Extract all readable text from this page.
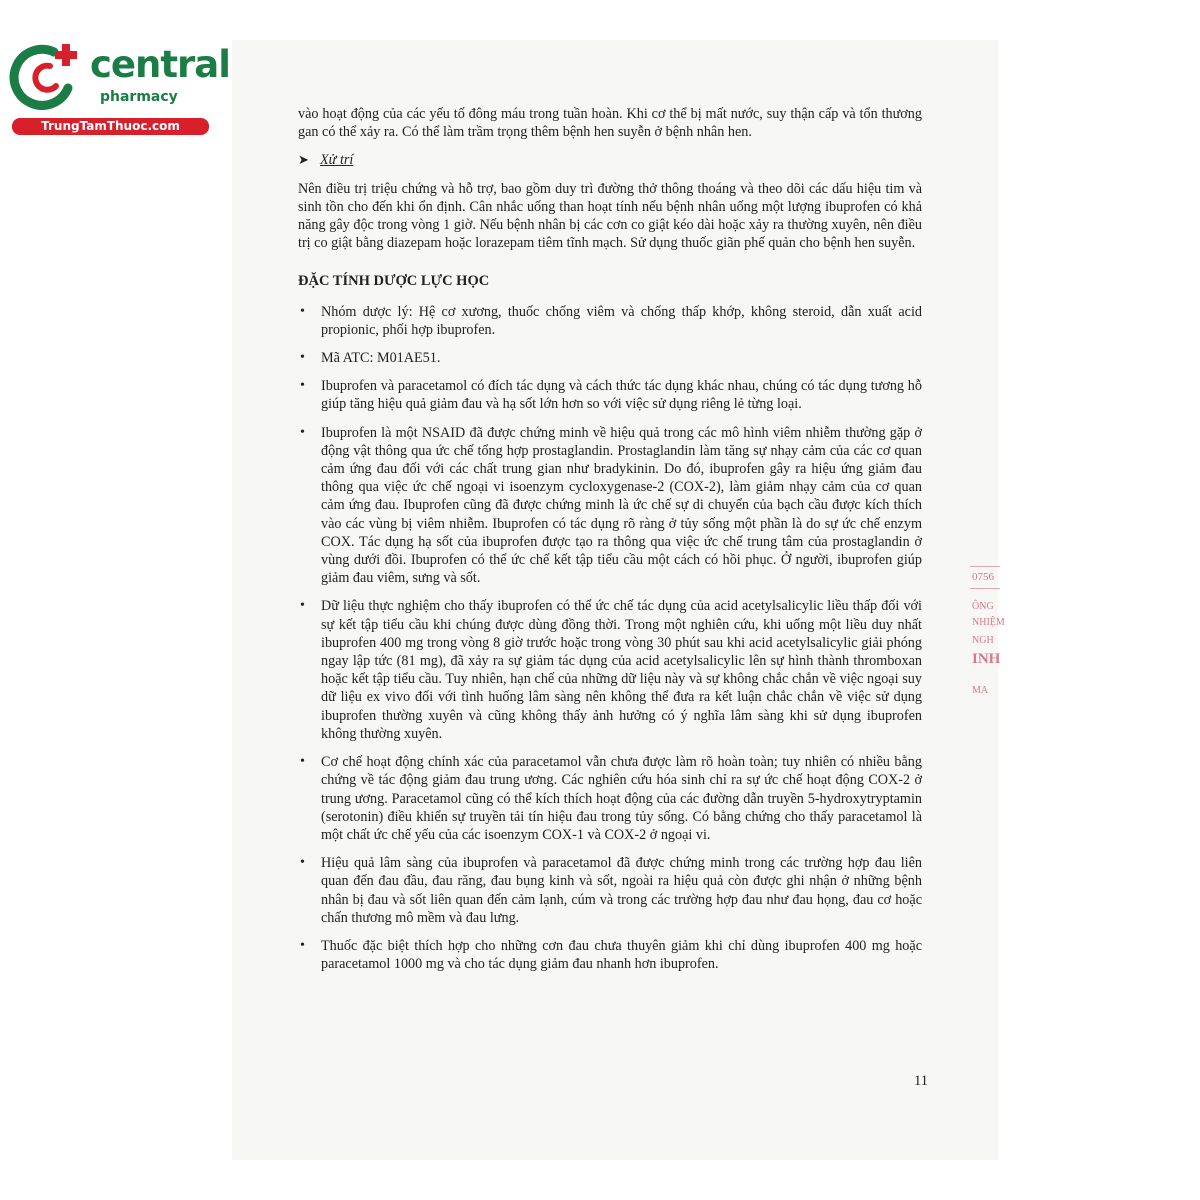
central
pharmacy
TrungTamThuoc.com

vào hoạt động của các yếu tố đông máu trong tuần hoàn. Khi cơ thể bị mất nước, suy thận cấp và tổn thương gan có thể xảy ra. Có thể làm trầm trọng thêm bệnh hen suyễn ở bệnh nhân hen.

➤ Xử trí

Nên điều trị triệu chứng và hỗ trợ, bao gồm duy trì đường thở thông thoáng và theo dõi các dấu hiệu tim và sinh tồn cho đến khi ổn định. Cân nhắc uống than hoạt tính nếu bệnh nhân uống một lượng ibuprofen có khả năng gây độc trong vòng 1 giờ. Nếu bệnh nhân bị các cơn co giật kéo dài hoặc xảy ra thường xuyên, nên điều trị co giật bằng diazepam hoặc lorazepam tiêm tĩnh mạch. Sử dụng thuốc giãn phế quản cho bệnh hen suyễn.

ĐẶC TÍNH DƯỢC LỰC HỌC

• Nhóm dược lý: Hệ cơ xương, thuốc chống viêm và chống thấp khớp, không steroid, dẫn xuất acid propionic, phối hợp ibuprofen.
• Mã ATC: M01AE51.
• Ibuprofen và paracetamol có đích tác dụng và cách thức tác dụng khác nhau, chúng có tác dụng tương hỗ giúp tăng hiệu quả giảm đau và hạ sốt lớn hơn so với việc sử dụng riêng lẻ từng loại.
• Ibuprofen là một NSAID đã được chứng minh về hiệu quả trong các mô hình viêm nhiễm thường gặp ở động vật thông qua ức chế tổng hợp prostaglandin. Prostaglandin làm tăng sự nhạy cảm của các cơ quan cảm ứng đau đối với các chất trung gian như bradykinin. Do đó, ibuprofen gây ra hiệu ứng giảm đau thông qua việc ức chế ngoại vi isoenzym cycloxygenase-2 (COX-2), làm giảm nhạy cảm của cơ quan cảm ứng đau. Ibuprofen cũng đã được chứng minh là ức chế sự di chuyển của bạch cầu được kích thích vào các vùng bị viêm nhiễm. Ibuprofen có tác dụng rõ ràng ở tủy sống một phần là do sự ức chế enzym COX. Tác dụng hạ sốt của ibuprofen được tạo ra thông qua việc ức chế trung tâm của prostaglandin ở vùng dưới đồi. Ibuprofen có thể ức chế kết tập tiểu cầu một cách có hồi phục. Ở người, ibuprofen giúp giảm đau viêm, sưng và sốt.
• Dữ liệu thực nghiệm cho thấy ibuprofen có thể ức chế tác dụng của acid acetylsalicylic liều thấp đối với sự kết tập tiểu cầu khi chúng được dùng đồng thời. Trong một nghiên cứu, khi uống một liều duy nhất ibuprofen 400 mg trong vòng 8 giờ trước hoặc trong vòng 30 phút sau khi acid acetylsalicylic giải phóng ngay lập tức (81 mg), đã xảy ra sự giảm tác dụng của acid acetylsalicylic lên sự hình thành thromboxan hoặc kết tập tiểu cầu. Tuy nhiên, hạn chế của những dữ liệu này và sự không chắc chắn về việc ngoại suy dữ liệu ex vivo đối với tình huống lâm sàng nên không thể đưa ra kết luận chắc chắn về việc sử dụng ibuprofen thường xuyên và cũng không thấy ảnh hưởng có ý nghĩa lâm sàng khi sử dụng ibuprofen không thường xuyên.
• Cơ chế hoạt động chính xác của paracetamol vẫn chưa được làm rõ hoàn toàn; tuy nhiên có nhiều bằng chứng về tác động giảm đau trung ương. Các nghiên cứu hóa sinh chỉ ra sự ức chế hoạt động COX-2 ở trung ương. Paracetamol cũng có thể kích thích hoạt động của các đường dẫn truyền 5-hydroxytryptamin (serotonin) điều khiển sự truyền tải tín hiệu đau trong tủy sống. Có bằng chứng cho thấy paracetamol là một chất ức chế yếu của các isoenzym COX-1 và COX-2 ở ngoại vi.
• Hiệu quả lâm sàng của ibuprofen và paracetamol đã được chứng minh trong các trường hợp đau liên quan đến đau đầu, đau răng, đau bụng kinh và sốt, ngoài ra hiệu quả còn được ghi nhận ở những bệnh nhân bị đau và sốt liên quan đến cảm lạnh, cúm và trong các trường hợp đau như đau họng, đau cơ hoặc chấn thương mô mềm và đau lưng.
• Thuốc đặc biệt thích hợp cho những cơn đau chưa thuyên giảm khi chỉ dùng ibuprofen 400 mg hoặc paracetamol 1000 mg và cho tác dụng giảm đau nhanh hơn ibuprofen.
11
0756
ÔNG
NHIỆM
NGH
INH
MA
